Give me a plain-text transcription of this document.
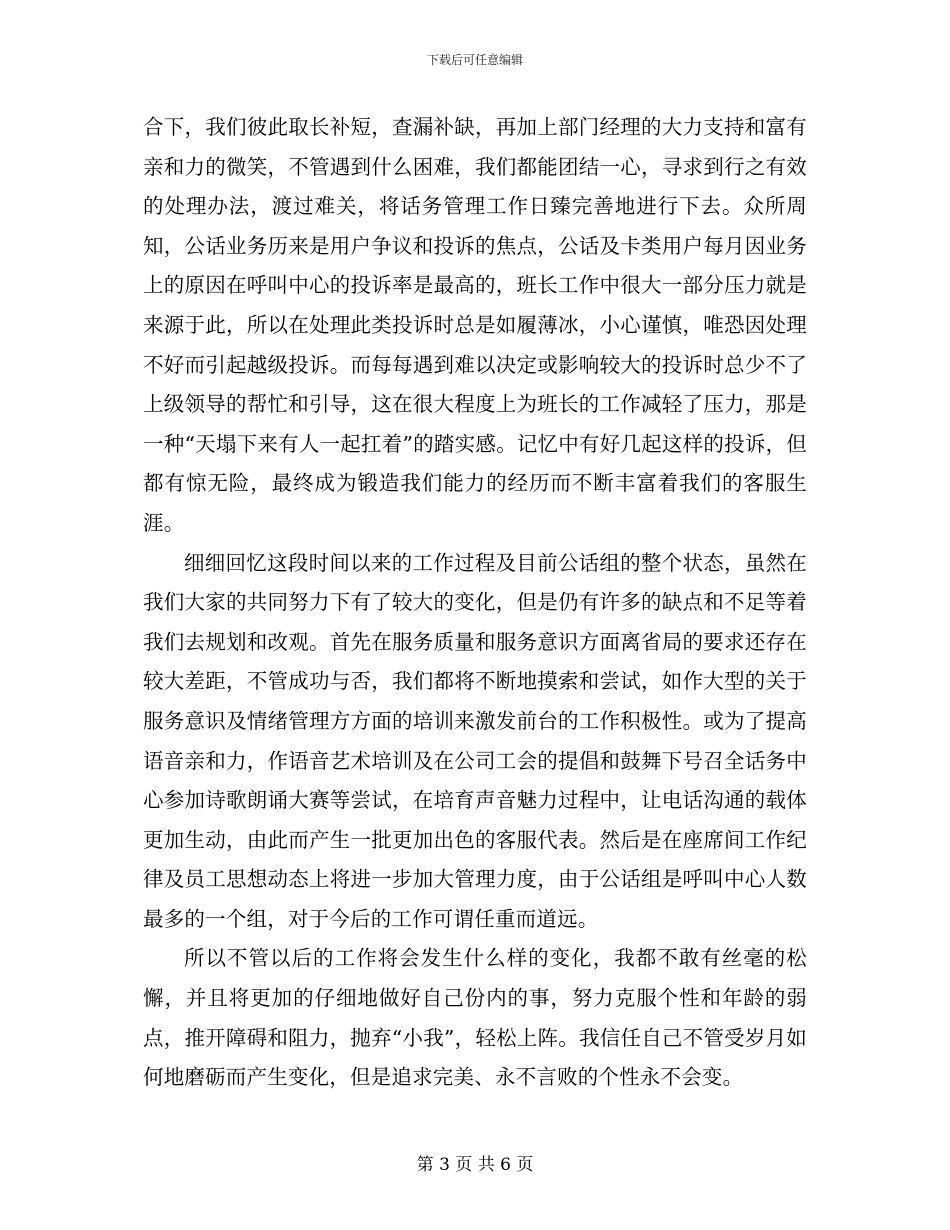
下载后可任意编辑

合下，我们彼此取长补短，查漏补缺，再加上部门经理的大力支持和富有亲和力的微笑，不管遇到什么困难，我们都能团结一心，寻求到行之有效的处理办法，渡过难关，将话务管理工作日臻完善地进行下去。众所周知，公话业务历来是用户争议和投诉的焦点，公话及卡类用户每月因业务上的原因在呼叫中心的投诉率是最高的，班长工作中很大一部分压力就是来源于此，所以在处理此类投诉时总是如履薄冰，小心谨慎，唯恐因处理不好而引起越级投诉。而每每遇到难以决定或影响较大的投诉时总少不了上级领导的帮忙和引导，这在很大程度上为班长的工作减轻了压力，那是一种“天塌下来有人一起扛着”的踏实感。记忆中有好几起这样的投诉，但都有惊无险，最终成为锻造我们能力的经历而不断丰富着我们的客服生涯。

细细回忆这段时间以来的工作过程及目前公话组的整个状态，虽然在我们大家的共同努力下有了较大的变化，但是仍有许多的缺点和不足等着我们去规划和改观。首先在服务质量和服务意识方面离省局的要求还存在较大差距，不管成功与否，我们都将不断地摸索和尝试，如作大型的关于服务意识及情绪管理方方面的培训来激发前台的工作积极性。或为了提高语音亲和力，作语音艺术培训及在公司工会的提倡和鼓舞下号召全话务中心参加诗歌朗诵大赛等尝试，在培育声音魅力过程中，让电话沟通的载体更加生动，由此而产生一批更加出色的客服代表。然后是在座席间工作纪律及员工思想动态上将进一步加大管理力度，由于公话组是呼叫中心人数最多的一个组，对于今后的工作可谓任重而道远。

所以不管以后的工作将会发生什么样的变化，我都不敢有丝毫的松懈，并且将更加的仔细地做好自己份内的事，努力克服个性和年龄的弱点，推开障碍和阻力，抛弃“小我”，轻松上阵。我信任自己不管受岁月如何地磨砺而产生变化，但是追求完美、永不言败的个性永不会变。

第 3 页 共 6 页
